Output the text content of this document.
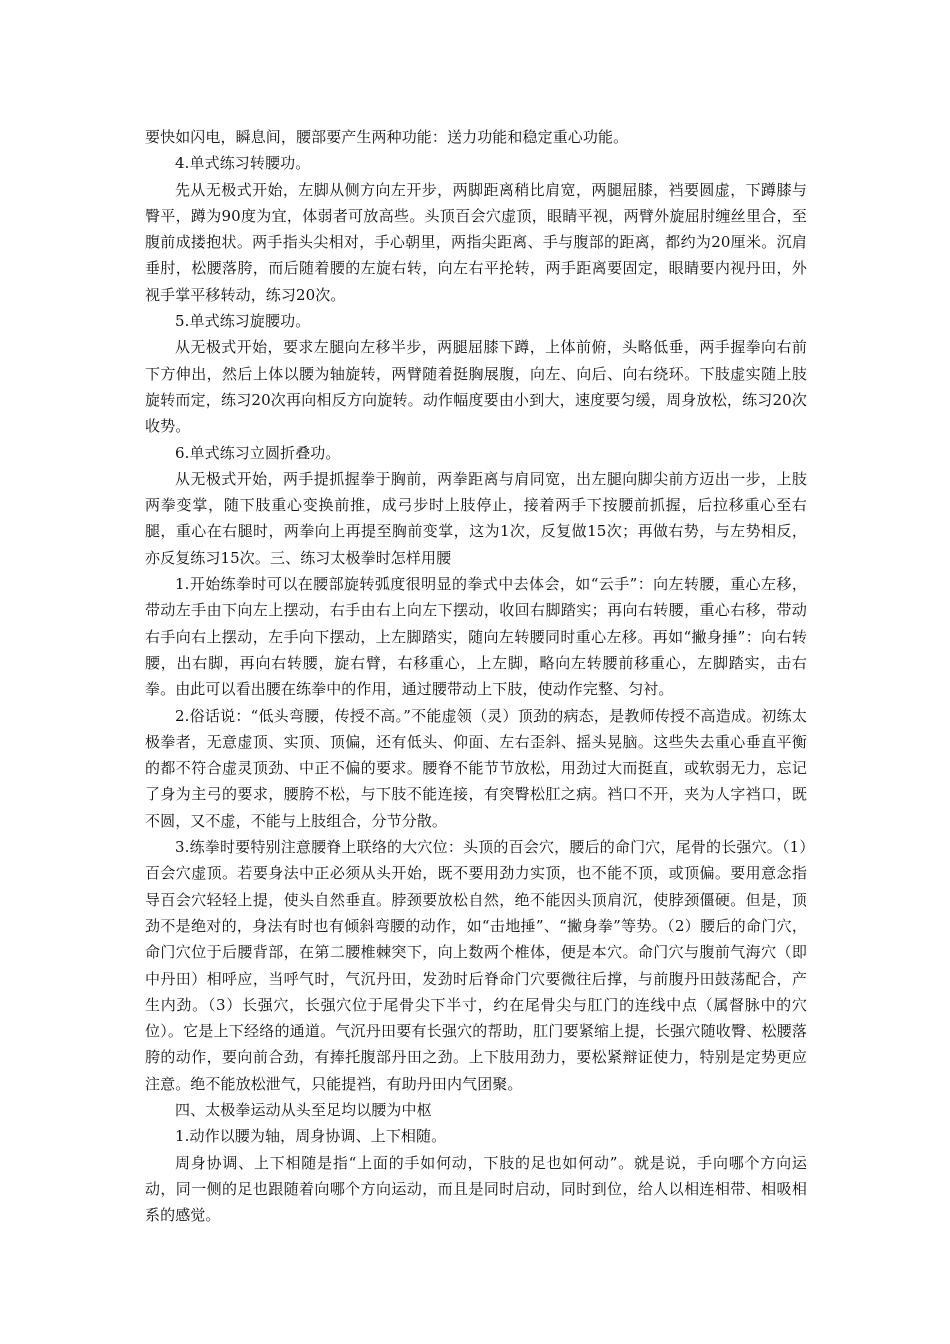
要快如闪电，瞬息间，腰部要产生两种功能：送力功能和稳定重心功能。

4.单式练习转腰功。

先从无极式开始，左脚从侧方向左开步，两脚距离稍比肩宽，两腿屈膝，裆要圆虚，下蹲膝与臀平，蹲为90度为宜，体弱者可放高些。头顶百会穴虚顶，眼睛平视，两臂外旋屈肘缠丝里合，至腹前成搂抱状。两手指头尖相对，手心朝里，两指尖距离、手与腹部的距离，都约为20厘米。沉肩垂肘，松腰落胯，而后随着腰的左旋右转，向左右平抡转，两手距离要固定，眼睛要内视丹田，外视手掌平移转动，练习20次。

5.单式练习旋腰功。

从无极式开始，要求左腿向左移半步，两腿屈膝下蹲，上体前俯，头略低垂，两手握拳向右前下方伸出，然后上体以腰为轴旋转，两臂随着挺胸展腹，向左、向后、向右绕环。下肢虚实随上肢旋转而定，练习20次再向相反方向旋转。动作幅度要由小到大，速度要匀缓，周身放松，练习20次收势。

6.单式练习立圆折叠功。

从无极式开始，两手提抓握拳于胸前，两拳距离与肩同宽，出左腿向脚尖前方迈出一步，上肢两拳变掌，随下肢重心变换前推，成弓步时上肢停止，接着两手下按腰前抓握，后拉移重心至右腿，重心在右腿时，两拳向上再提至胸前变掌，这为1次，反复做15次；再做右势，与左势相反，亦反复练习15次。三、练习太极拳时怎样用腰

1.开始练拳时可以在腰部旋转弧度很明显的拳式中去体会，如“云手”：向左转腰，重心左移，带动左手由下向左上摆动，右手由右上向左下摆动，收回右脚踏实；再向右转腰，重心右移，带动右手向右上摆动，左手向下摆动，上左脚踏实，随向左转腰同时重心左移。再如“撇身捶”：向右转腰，出右脚，再向右转腰，旋右臂，右移重心，上左脚，略向左转腰前移重心，左脚踏实，击右拳。由此可以看出腰在练拳中的作用，通过腰带动上下肢，使动作完整、匀衬。

2.俗话说：“低头弯腰，传授不高。”不能虚领（灵）顶劲的病态，是教师传授不高造成。初练太极拳者，无意虚顶、实顶、顶偏，还有低头、仰面、左右歪斜、摇头晃脑。这些失去重心垂直平衡的都不符合虚灵顶劲、中正不偏的要求。腰脊不能节节放松，用劲过大而挺直，或软弱无力，忘记了身为主弓的要求，腰胯不松，与下肢不能连接，有突臀松肛之病。裆口不开，夹为人字裆口，既不圆，又不虚，不能与上肢组合，分节分散。

3.练拳时要特别注意腰脊上联络的大穴位：头顶的百会穴，腰后的命门穴，尾骨的长强穴。（1）百会穴虚顶。若要身法中正必须从头开始，既不要用劲力实顶，也不能不顶，或顶偏。要用意念指导百会穴轻轻上提，使头自然垂直。脖颈要放松自然，绝不能因头顶肩沉，使脖颈僵硬。但是，顶劲不是绝对的，身法有时也有倾斜弯腰的动作，如“击地捶”、“撇身拳”等势。（2）腰后的命门穴，命门穴位于后腰背部，在第二腰椎棘突下，向上数两个椎体，便是本穴。命门穴与腹前气海穴（即中丹田）相呼应，当呼气时，气沉丹田，发劲时后脊命门穴要微往后撑，与前腹丹田鼓荡配合，产生内劲。（3）长强穴，长强穴位于尾骨尖下半寸，约在尾骨尖与肛门的连线中点（属督脉中的穴位）。它是上下经络的通道。气沉丹田要有长强穴的帮助，肛门要紧缩上提，长强穴随收臀、松腰落胯的动作，要向前合劲，有捧托腹部丹田之劲。上下肢用劲力，要松紧辩证使力，特别是定势更应注意。绝不能放松泄气，只能提裆，有助丹田内气团聚。

四、太极拳运动从头至足均以腰为中枢

1.动作以腰为轴，周身协调、上下相随。

周身协调、上下相随是指“上面的手如何动，下肢的足也如何动”。就是说，手向哪个方向运动，同一侧的足也跟随着向哪个方向运动，而且是同时启动，同时到位，给人以相连相带、相吸相系的感觉。
